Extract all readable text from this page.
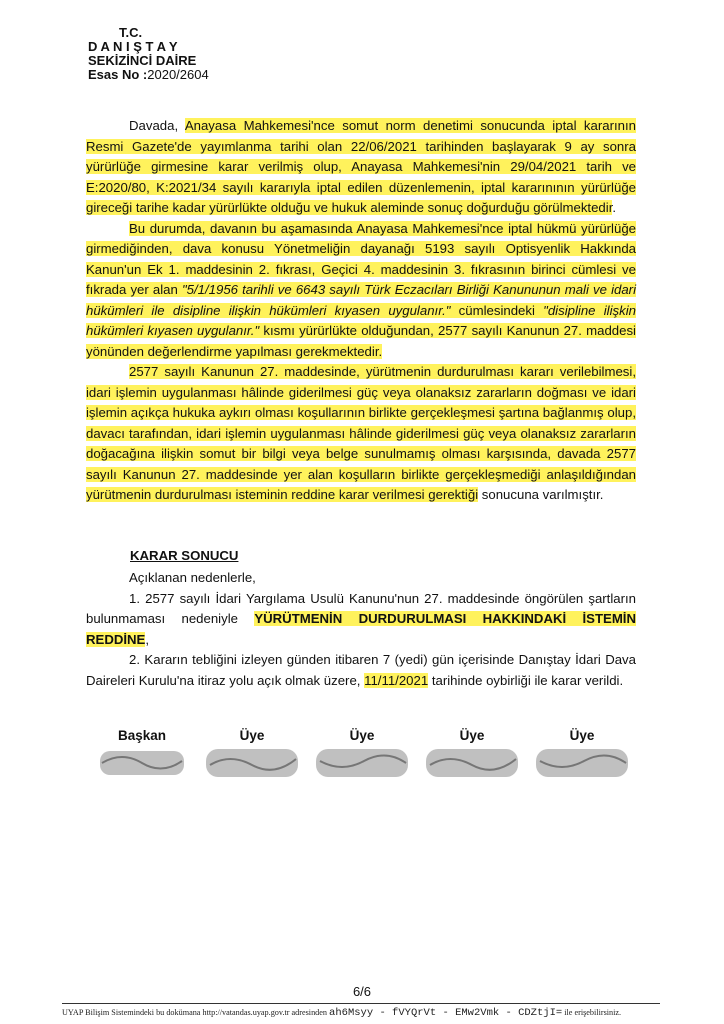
T.C.
D A N I Ş T A Y
SEKİZİNCİ DAİRE
Esas No :2020/2604

Davada, Anayasa Mahkemesi'nce somut norm denetimi sonucunda iptal kararının Resmi Gazete'de yayımlanma tarihi olan 22/06/2021 tarihinden başlayarak 9 ay sonra yürürlüğe girmesine karar verilmiş olup, Anayasa Mahkemesi'nin 29/04/2021 tarih ve E:2020/80, K:2021/34 sayılı kararıyla iptal edilen düzenlemenin, iptal kararınının yürürlüğe gireceği tarihe kadar yürürlükte olduğu ve hukuk aleminde sonuç doğurduğu görülmektedir.

Bu durumda, davanın bu aşamasında Anayasa Mahkemesi'nce iptal hükmü yürürlüğe girmediğinden, dava konusu Yönetmeliğin dayanağı 5193 sayılı Optisyenlik Hakkında Kanun'un Ek 1. maddesinin 2. fıkrası, Geçici 4. maddesinin 3. fıkrasının birinci cümlesi ve fıkrada yer alan "5/1/1956 tarihli ve 6643 sayılı Türk Eczacıları Birliği Kanununun mali ve idari hükümleri ile disipline ilişkin hükümleri kıyasen uygulanır." cümlesindeki "disipline ilişkin hükümleri kıyasen uygulanır." kısmı yürürlükte olduğundan, 2577 sayılı Kanunun 27. maddesi yönünden değerlendirme yapılması gerekmektedir.

2577 sayılı Kanunun 27. maddesinde, yürütmenin durdurulması kararı verilebilmesi, idari işlemin uygulanması hâlinde giderilmesi güç veya olanaksız zararların doğması ve idari işlemin açıkça hukuka aykırı olması koşullarının birlikte gerçekleşmesi şartına bağlanmış olup, davacı tarafından, idari işlemin uygulanması hâlinde giderilmesi güç veya olanaksız zararların doğacağına ilişkin somut bir bilgi veya belge sunulmamış olması karşısında, davada 2577 sayılı Kanunun 27. maddesinde yer alan koşulların birlikte gerçekleşmediği anlaşıldığından yürütmenin durdurulması isteminin reddine karar verilmesi gerektiği sonucuna varılmıştır.

KARAR SONUCU

Açıklanan nedenlerle,

1. 2577 sayılı İdari Yargılama Usulü Kanunu'nun 27. maddesinde öngörülen şartların bulunmaması nedeniyle YÜRÜTMENİN DURDURULMASI HAKKINDAKİ İSTEMİN REDDİNE,

2. Kararın tebliğini izleyen günden itibaren 7 (yedi) gün içerisinde Danıştay İdari Dava Daireleri Kurulu'na itiraz yolu açık olmak üzere, 11/11/2021 tarihinde oybirliği ile karar verildi.

Başkan	Üye	Üye	Üye	Üye
6/6
UYAP Bilişim Sistemindeki bu dokümana http://vatandas.uyap.gov.tr adresinden ah6Msyy - fVYQrVt - EMw2Vmk - CDZtjI= ile erişebilirsiniz.
